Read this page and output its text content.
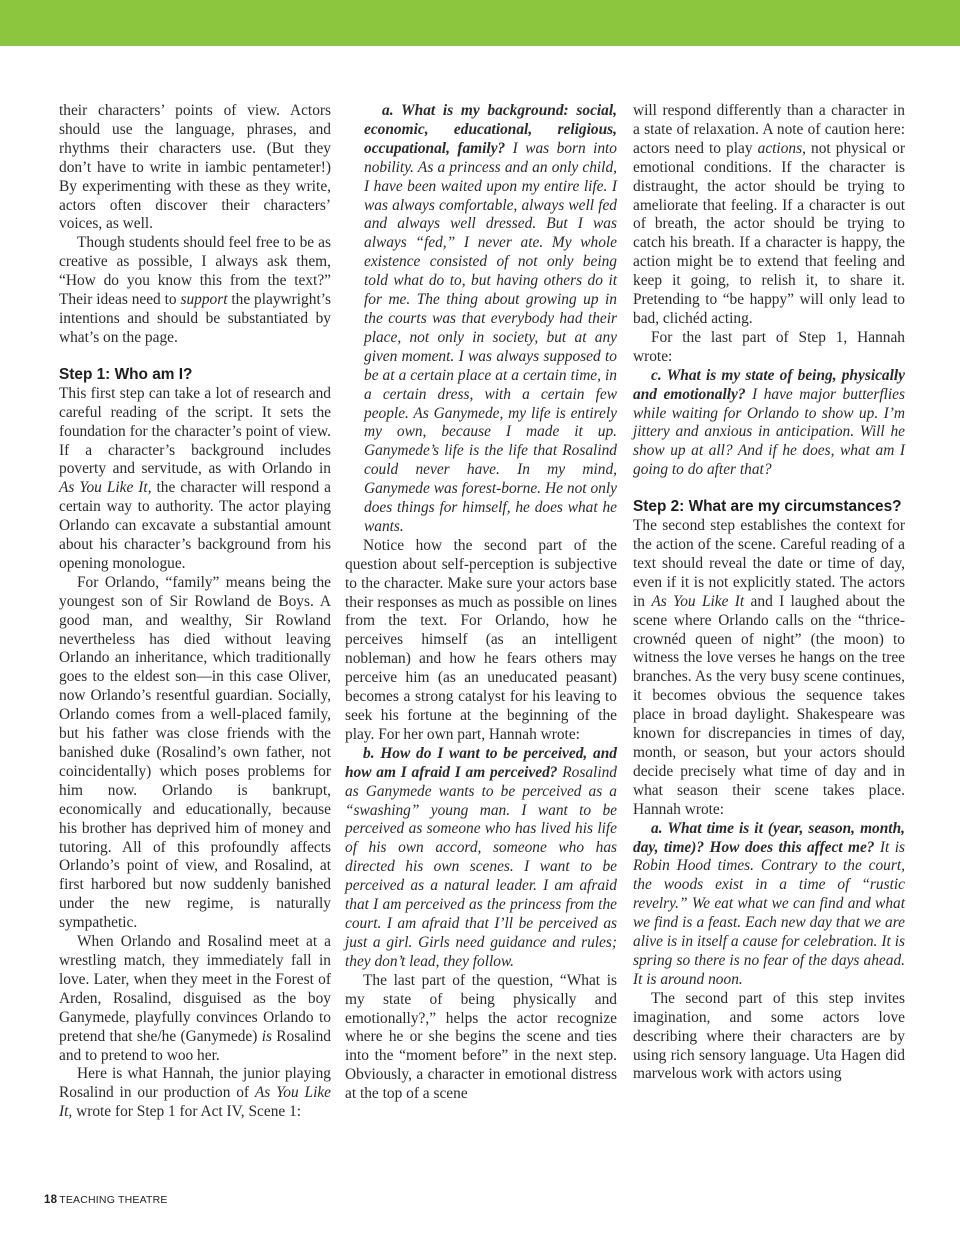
their characters’ points of view. Actors should use the language, phrases, and rhythms their characters use. (But they don’t have to write in iambic pentameter!) By experimenting with these as they write, actors often discover their characters’ voices, as well.

Though students should feel free to be as creative as possible, I always ask them, “How do you know this from the text?” Their ideas need to support the playwright’s intentions and should be substantiated by what’s on the page.

Step 1: Who am I?

This first step can take a lot of research and careful reading of the script. It sets the foundation for the character’s point of view. If a character’s background includes poverty and servitude, as with Orlando in As You Like It, the character will respond a certain way to authority. The actor playing Orlando can excavate a substantial amount about his character’s background from his opening monologue.

For Orlando, “family” means being the youngest son of Sir Rowland de Boys. A good man, and wealthy, Sir Rowland nevertheless has died without leaving Orlando an inheritance, which traditionally goes to the eldest son—in this case Oliver, now Orlando’s resentful guardian. Socially, Orlando comes from a well-placed family, but his father was close friends with the banished duke (Rosalind’s own father, not coincidentally) which poses problems for him now. Orlando is bankrupt, economically and educationally, because his brother has deprived him of money and tutoring. All of this profoundly affects Orlando’s point of view, and Rosalind, at first harbored but now suddenly banished under the new regime, is naturally sympathetic.

When Orlando and Rosalind meet at a wrestling match, they immediately fall in love. Later, when they meet in the Forest of Arden, Rosalind, disguised as the boy Ganymede, playfully convinces Orlando to pretend that she/he (Ganymede) is Rosalind and to pretend to woo her.

Here is what Hannah, the junior playing Rosalind in our production of As You Like It, wrote for Step 1 for Act IV, Scene 1:

a. What is my background: social, economic, educational, religious, occupational, family? I was born into nobility. As a princess and an only child, I have been waited upon my entire life. I was always comfortable, always well fed and always well dressed. But I was always “fed,” I never ate. My whole existence consisted of not only being told what do to, but having others do it for me. The thing about growing up in the courts was that everybody had their place, not only in society, but at any given moment. I was always supposed to be at a certain place at a certain time, in a certain dress, with a certain few people. As Ganymede, my life is entirely my own, because I made it up. Ganymede’s life is the life that Rosalind could never have. In my mind, Ganymede was forest-borne. He not only does things for himself, he does what he wants.

Notice how the second part of the question about self-perception is subjective to the character. Make sure your actors base their responses as much as possible on lines from the text. For Orlando, how he perceives himself (as an intelligent nobleman) and how he fears others may perceive him (as an uneducated peasant) becomes a strong catalyst for his leaving to seek his fortune at the beginning of the play. For her own part, Hannah wrote:

b. How do I want to be perceived, and how am I afraid I am perceived? Rosalind as Ganymede wants to be perceived as a “swashing” young man. I want to be perceived as someone who has lived his life of his own accord, someone who has directed his own scenes. I want to be perceived as a natural leader. I am afraid that I am perceived as the princess from the court. I am afraid that I’ll be perceived as just a girl. Girls need guidance and rules; they don’t lead, they follow.

The last part of the question, “What is my state of being physically and emotionally?,” helps the actor recognize where he or she begins the scene and ties into the “moment before” in the next step. Obviously, a character in emotional distress at the top of a scene

will respond differently than a character in a state of relaxation. A note of caution here: actors need to play actions, not physical or emotional conditions. If the character is distraught, the actor should be trying to ameliorate that feeling. If a character is out of breath, the actor should be trying to catch his breath. If a character is happy, the action might be to extend that feeling and keep it going, to relish it, to share it. Pretending to “be happy” will only lead to bad, clichéd acting.

For the last part of Step 1, Hannah wrote:

c. What is my state of being, physically and emotionally? I have major butterflies while waiting for Orlando to show up. I’m jittery and anxious in anticipation. Will he show up at all? And if he does, what am I going to do after that?

Step 2: What are my circumstances?

The second step establishes the context for the action of the scene. Careful reading of a text should reveal the date or time of day, even if it is not explicitly stated. The actors in As You Like It and I laughed about the scene where Orlando calls on the “thrice-crownéd queen of night” (the moon) to witness the love verses he hangs on the tree branches. As the very busy scene continues, it becomes obvious the sequence takes place in broad daylight. Shakespeare was known for discrepancies in times of day, month, or season, but your actors should decide precisely what time of day and in what season their scene takes place. Hannah wrote:

a. What time is it (year, season, month, day, time)? How does this affect me? It is Robin Hood times. Contrary to the court, the woods exist in a time of “rustic revelry.” We eat what we can find and what we find is a feast. Each new day that we are alive is in itself a cause for celebration. It is spring so there is no fear of the days ahead. It is around noon.

The second part of this step invites imagination, and some actors love describing where their characters are by using rich sensory language. Uta Hagen did marvelous work with actors using

18 TEACHING THEATRE
